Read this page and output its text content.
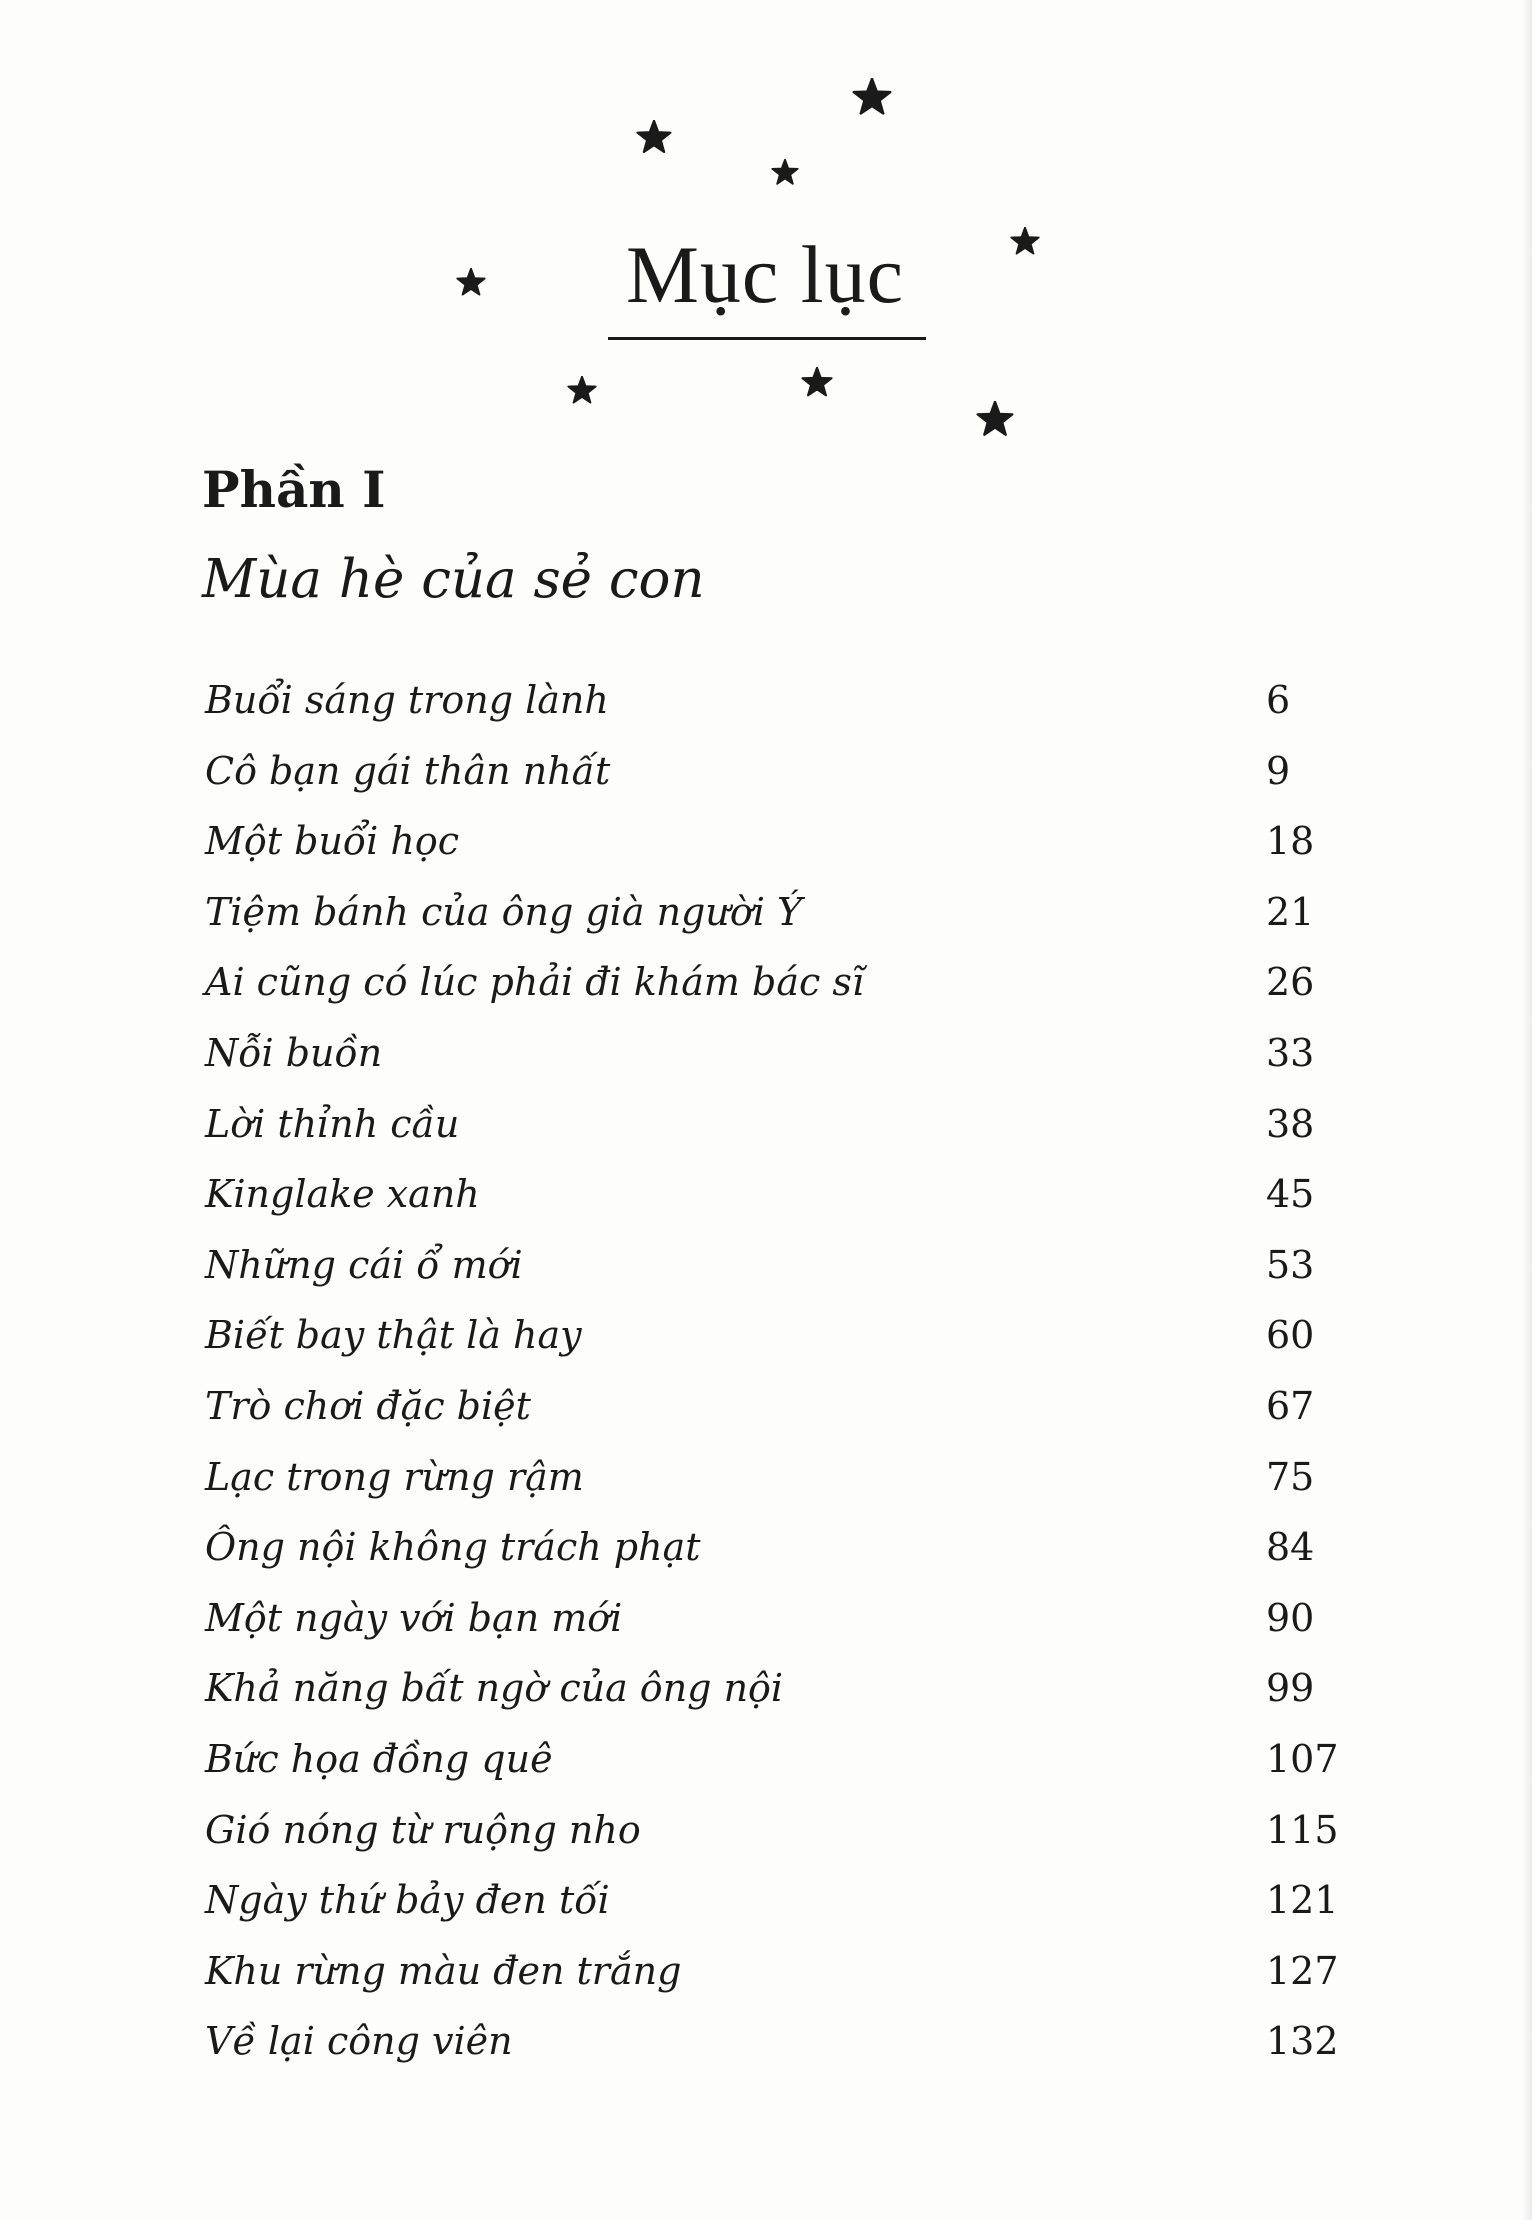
Mục lục
Phần I
Mùa hè của sẻ con
Buổi sáng trong lành	6
Cô bạn gái thân nhất	9
Một buổi học	18
Tiệm bánh của ông già người Ý	21
Ai cũng có lúc phải đi khám bác sĩ	26
Nỗi buồn	33
Lời thỉnh cầu	38
Kinglake xanh	45
Những cái ổ mới	53
Biết bay thật là hay	60
Trò chơi đặc biệt	67
Lạc trong rừng rậm	75
Ông nội không trách phạt	84
Một ngày với bạn mới	90
Khả năng bất ngờ của ông nội	99
Bức họa đồng quê	107
Gió nóng từ ruộng nho	115
Ngày thứ bảy đen tối	121
Khu rừng màu đen trắng	127
Về lại công viên	132
